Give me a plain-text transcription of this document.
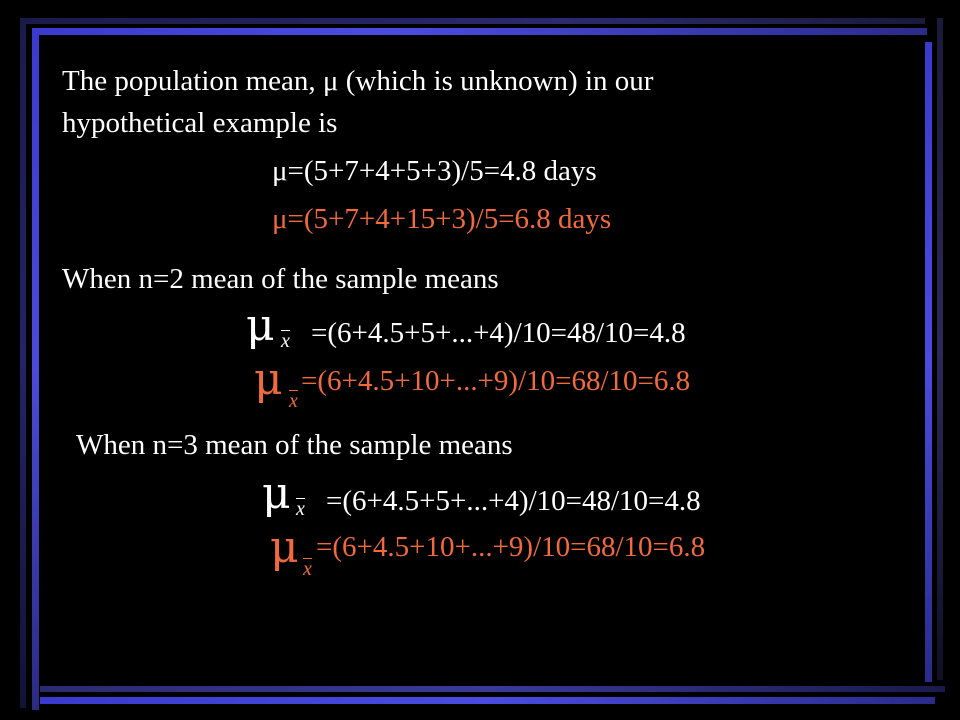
The population mean, μ (which is unknown) in our
hypothetical example is
μ=(5+7+4+5+3)/5=4.8 days
μ=(5+7+4+15+3)/5=6.8 days
When n=2 mean of the sample means
μ x =(6+4.5+5+...+4)/10=48/10=4.8
μ x
=(6+4.5+10+...+9)/10=68/10=6.8
When n=3 mean of the sample means
μ x =(6+4.5+5+...+4)/10=48/10=4.8
μ x
=(6+4.5+10+...+9)/10=68/10=6.8
